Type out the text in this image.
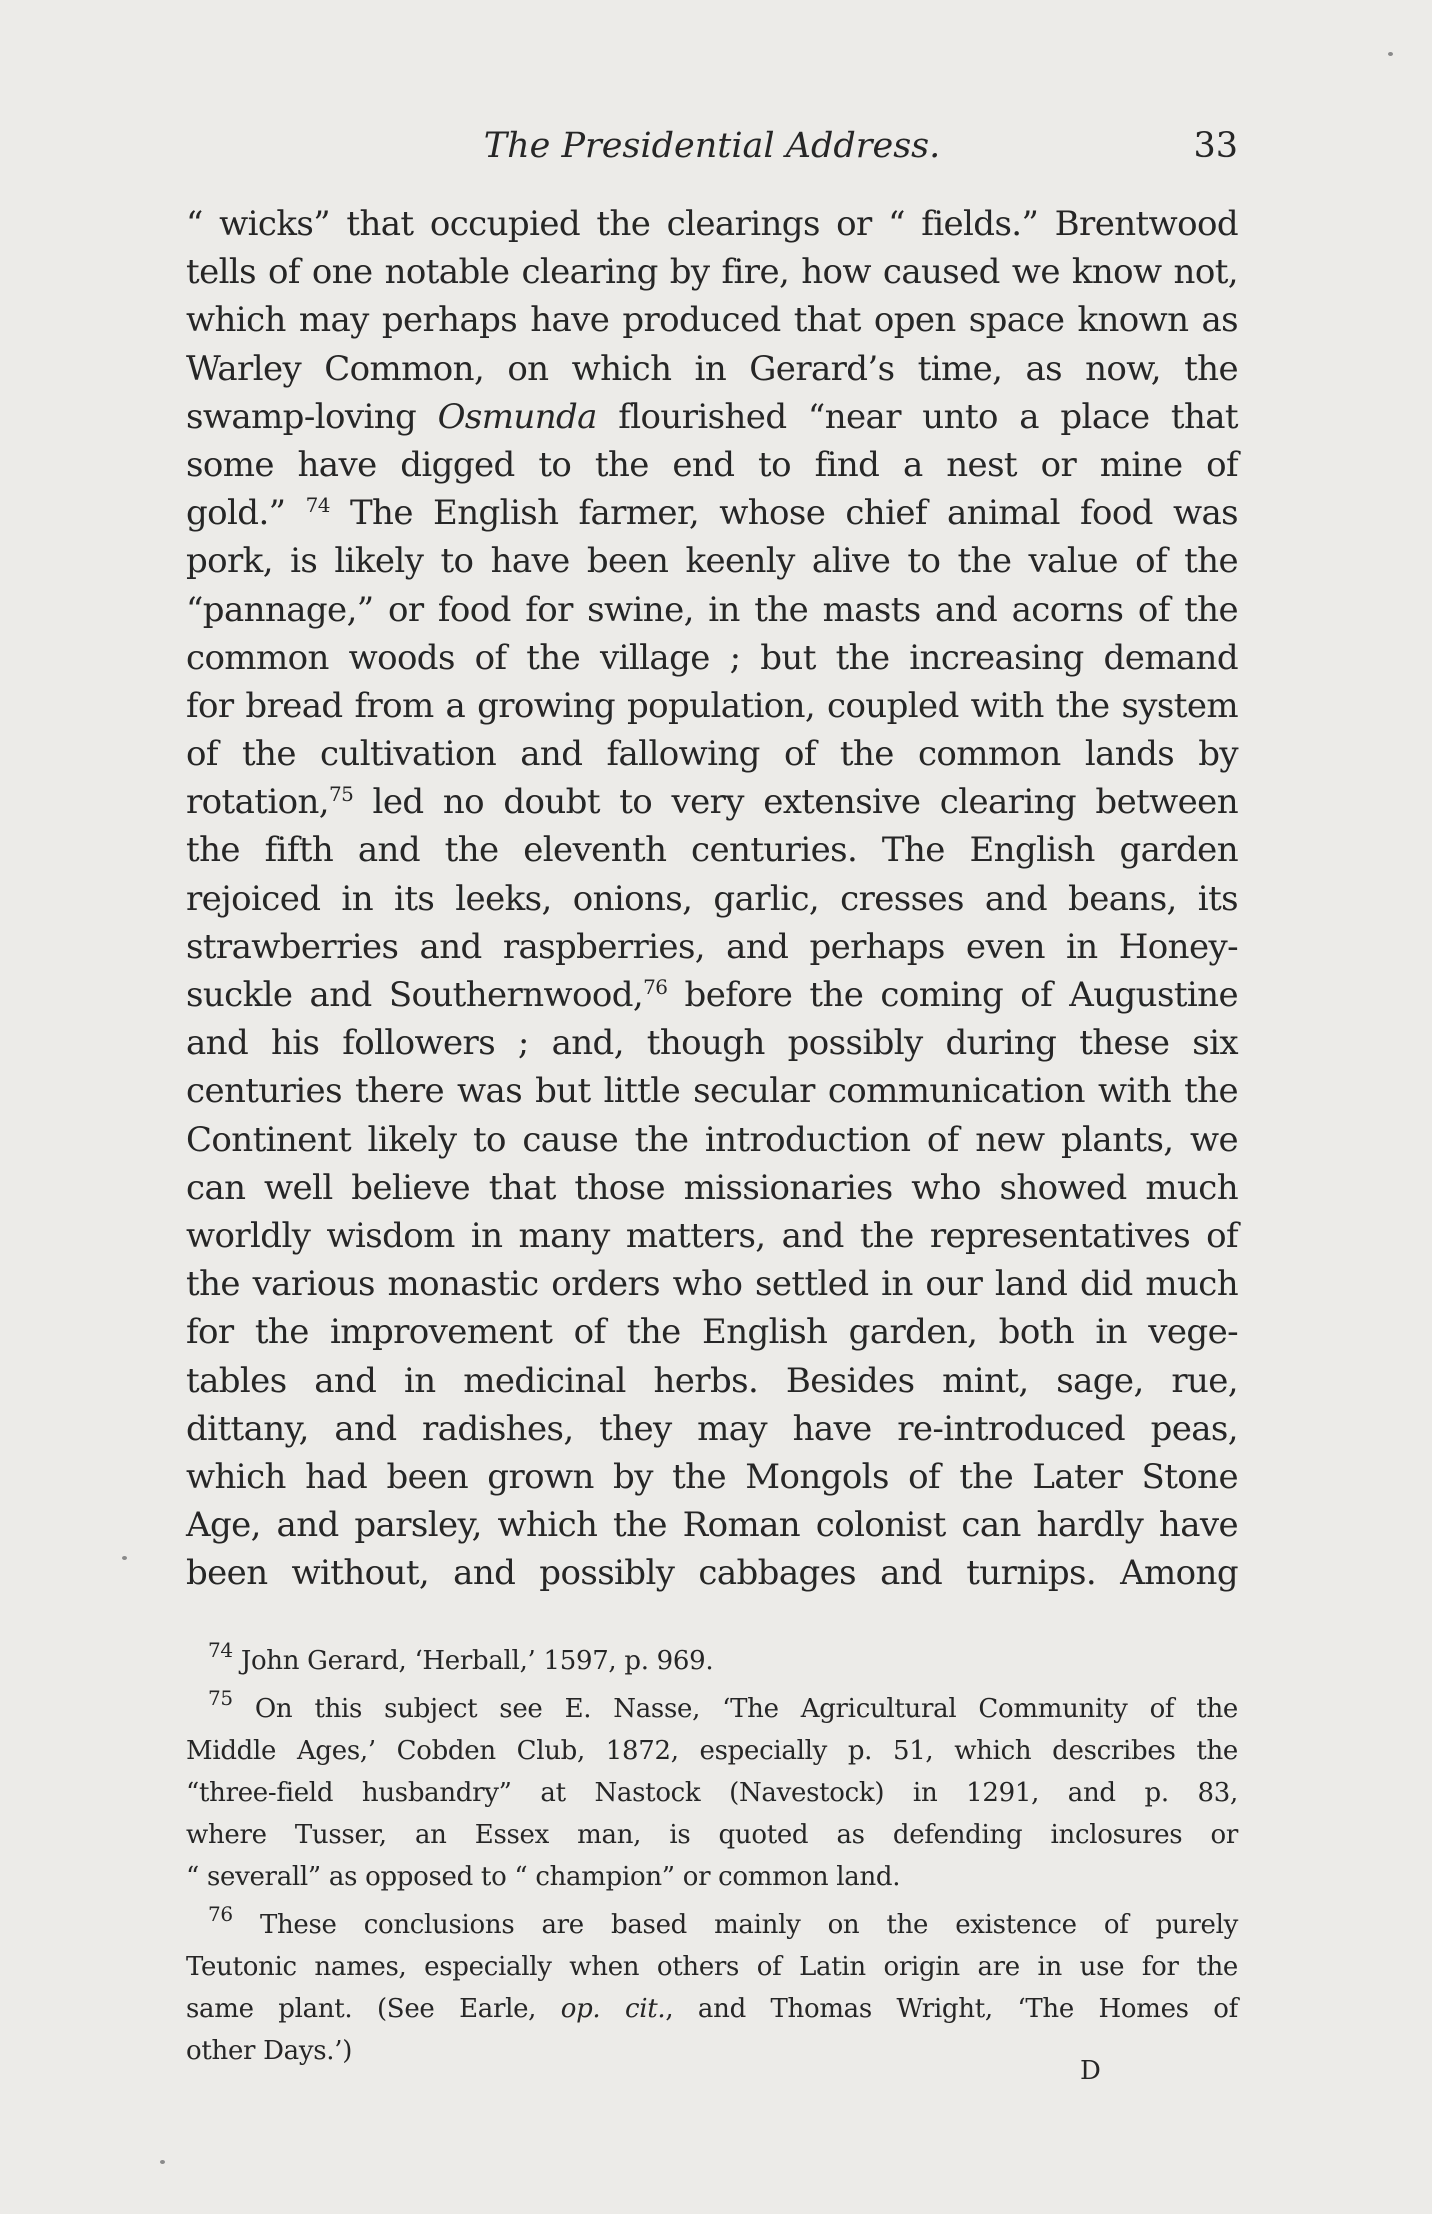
The Presidential Address.	33
“ wicks” that occupied the clearings or “ fields.” Brentwood
tells of one notable clearing by fire, how caused we know not,
which may perhaps have produced that open space known as
Warley Common, on which in Gerard’s time, as now, the
swamp-loving Osmunda flourished “near unto a place that
some have digged to the end to find a nest or mine of
gold.” $^{74}$ The English farmer, whose chief animal food was
pork, is likely to have been keenly alive to the value of the
“pannage,” or food for swine, in the masts and acorns of the
common woods of the village ; but the increasing demand
for bread from a growing population, coupled with the system
of the cultivation and fallowing of the common lands by
rotation,$^{75}$ led no doubt to very extensive clearing between
the fifth and the eleventh centuries. The English garden
rejoiced in its leeks, onions, garlic, cresses and beans, its
strawberries and raspberries, and perhaps even in Honey-
suckle and Southernwood,$^{76}$ before the coming of Augustine
and his followers ; and, though possibly during these six
centuries there was but little secular communication with the
Continent likely to cause the introduction of new plants, we
can well believe that those missionaries who showed much
worldly wisdom in many matters, and the representatives of
the various monastic orders who settled in our land did much
for the improvement of the English garden, both in vege-
tables and in medicinal herbs. Besides mint, sage, rue,
dittany, and radishes, they may have re-introduced peas,
which had been grown by the Mongols of the Later Stone
Age, and parsley, which the Roman colonist can hardly have
been without, and possibly cabbages and turnips. Among
$^{74}$ John Gerard, ‘Herball,’ 1597, p. 969.
$^{75}$ On this subject see E. Nasse, ‘The Agricultural Community of the
Middle Ages,’ Cobden Club, 1872, especially p. 51, which describes the
“three-field husbandry” at Nastock (Navestock) in 1291, and p. 83,
where Tusser, an Essex man, is quoted as defending inclosures or
“ severall” as opposed to “ champion” or common land.
$^{76}$ These conclusions are based mainly on the existence of purely
Teutonic names, especially when others of Latin origin are in use for the
same plant. (See Earle, op. cit., and Thomas Wright, ‘The Homes of
other Days.’)
D
